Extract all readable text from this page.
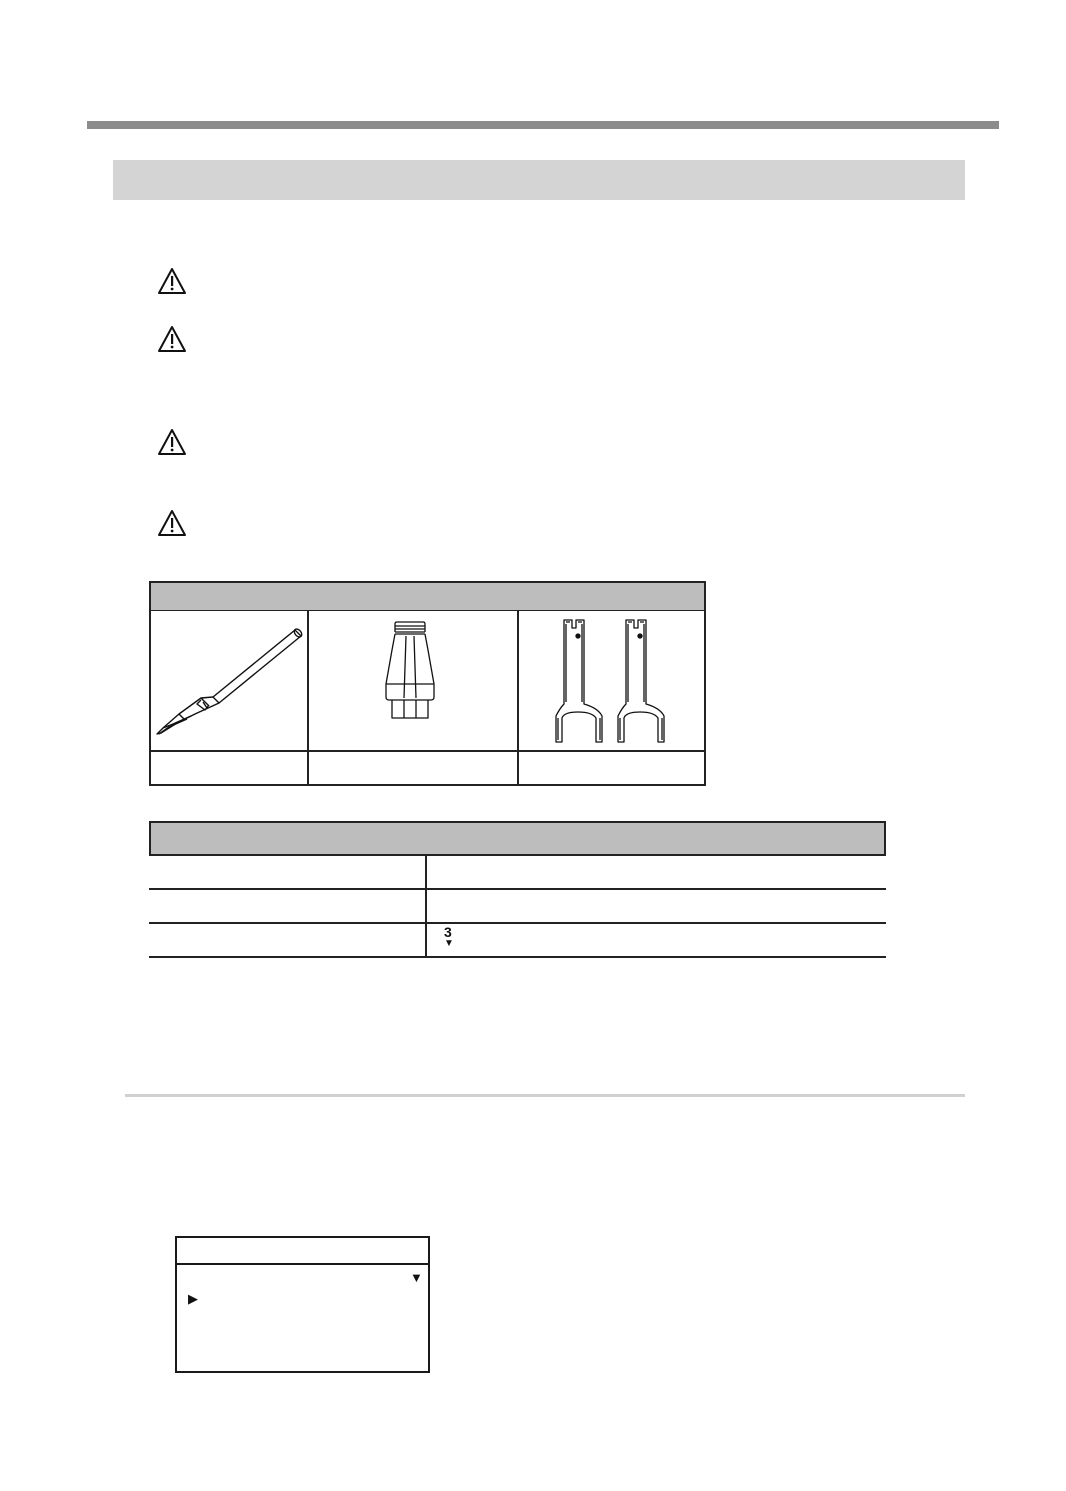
3
▼
▼
▶
